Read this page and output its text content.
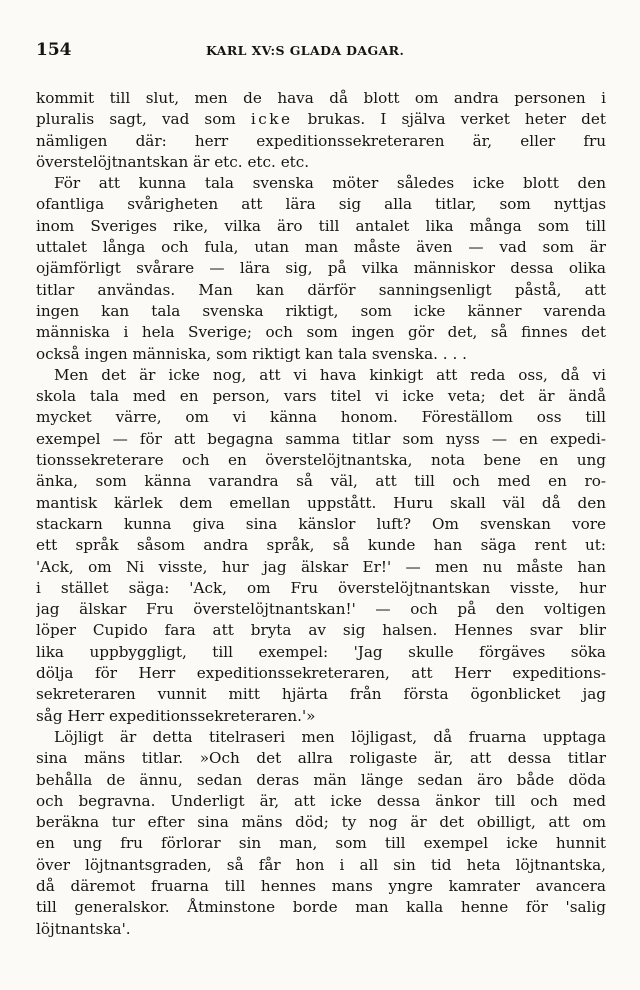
154	KARL XV:S GLADA DAGAR.
kommit till slut, men de hava då blott om andra personen i
pluralis sagt, vad som icke brukas. I själva verket heter det
nämligen där: herr expeditionssekreteraren är, eller fru
överstelöjtnantskan är etc. etc. etc.
För att kunna tala svenska möter således icke blott den
ofantliga svårigheten att lära sig alla titlar, som nyttjas
inom Sveriges rike, vilka äro till antalet lika många som till
uttalet långa och fula, utan man måste även — vad som är
ojämförligt svårare — lära sig, på vilka människor dessa olika
titlar användas. Man kan därför sanningsenligt påstå, att
ingen kan tala svenska riktigt, som icke känner varenda
människa i hela Sverige; och som ingen gör det, så finnes det
också ingen människa, som riktigt kan tala svenska. . . .
Men det är icke nog, att vi hava kinkigt att reda oss, då vi
skola tala med en person, vars titel vi icke veta; det är ändå
mycket värre, om vi känna honom. Föreställom oss till
exempel — för att begagna samma titlar som nyss — en expedi-
tionssekreterare och en överstelöjtnantska, nota bene en ung
änka, som känna varandra så väl, att till och med en ro-
mantisk kärlek dem emellan uppstått. Huru skall väl då den
stackarn kunna giva sina känslor luft? Om svenskan vore
ett språk såsom andra språk, så kunde han säga rent ut:
'Ack, om Ni visste, hur jag älskar Er!' — men nu måste han
i stället säga: 'Ack, om Fru överstelöjtnantskan visste, hur
jag älskar Fru överstelöjtnantskan!' — och på den voltigen
löper Cupido fara att bryta av sig halsen. Hennes svar blir
lika uppbyggligt, till exempel: 'Jag skulle förgäves söka
dölja för Herr expeditionssekreteraren, att Herr expeditions-
sekreteraren vunnit mitt hjärta från första ögonblicket jag
såg Herr expeditionssekreteraren.'»
Löjligt är detta titelraseri men löjligast, då fruarna upptaga
sina mäns titlar. »Och det allra roligaste är, att dessa titlar
behålla de ännu, sedan deras män länge sedan äro både döda
och begravna. Underligt är, att icke dessa änkor till och med
beräkna tur efter sina mäns död; ty nog är det obilligt, att om
en ung fru förlorar sin man, som till exempel icke hunnit
över löjtnantsgraden, så får hon i all sin tid heta löjtnantska,
då däremot fruarna till hennes mans yngre kamrater avancera
till generalskor. Åtminstone borde man kalla henne för 'salig
löjtnantska'.
